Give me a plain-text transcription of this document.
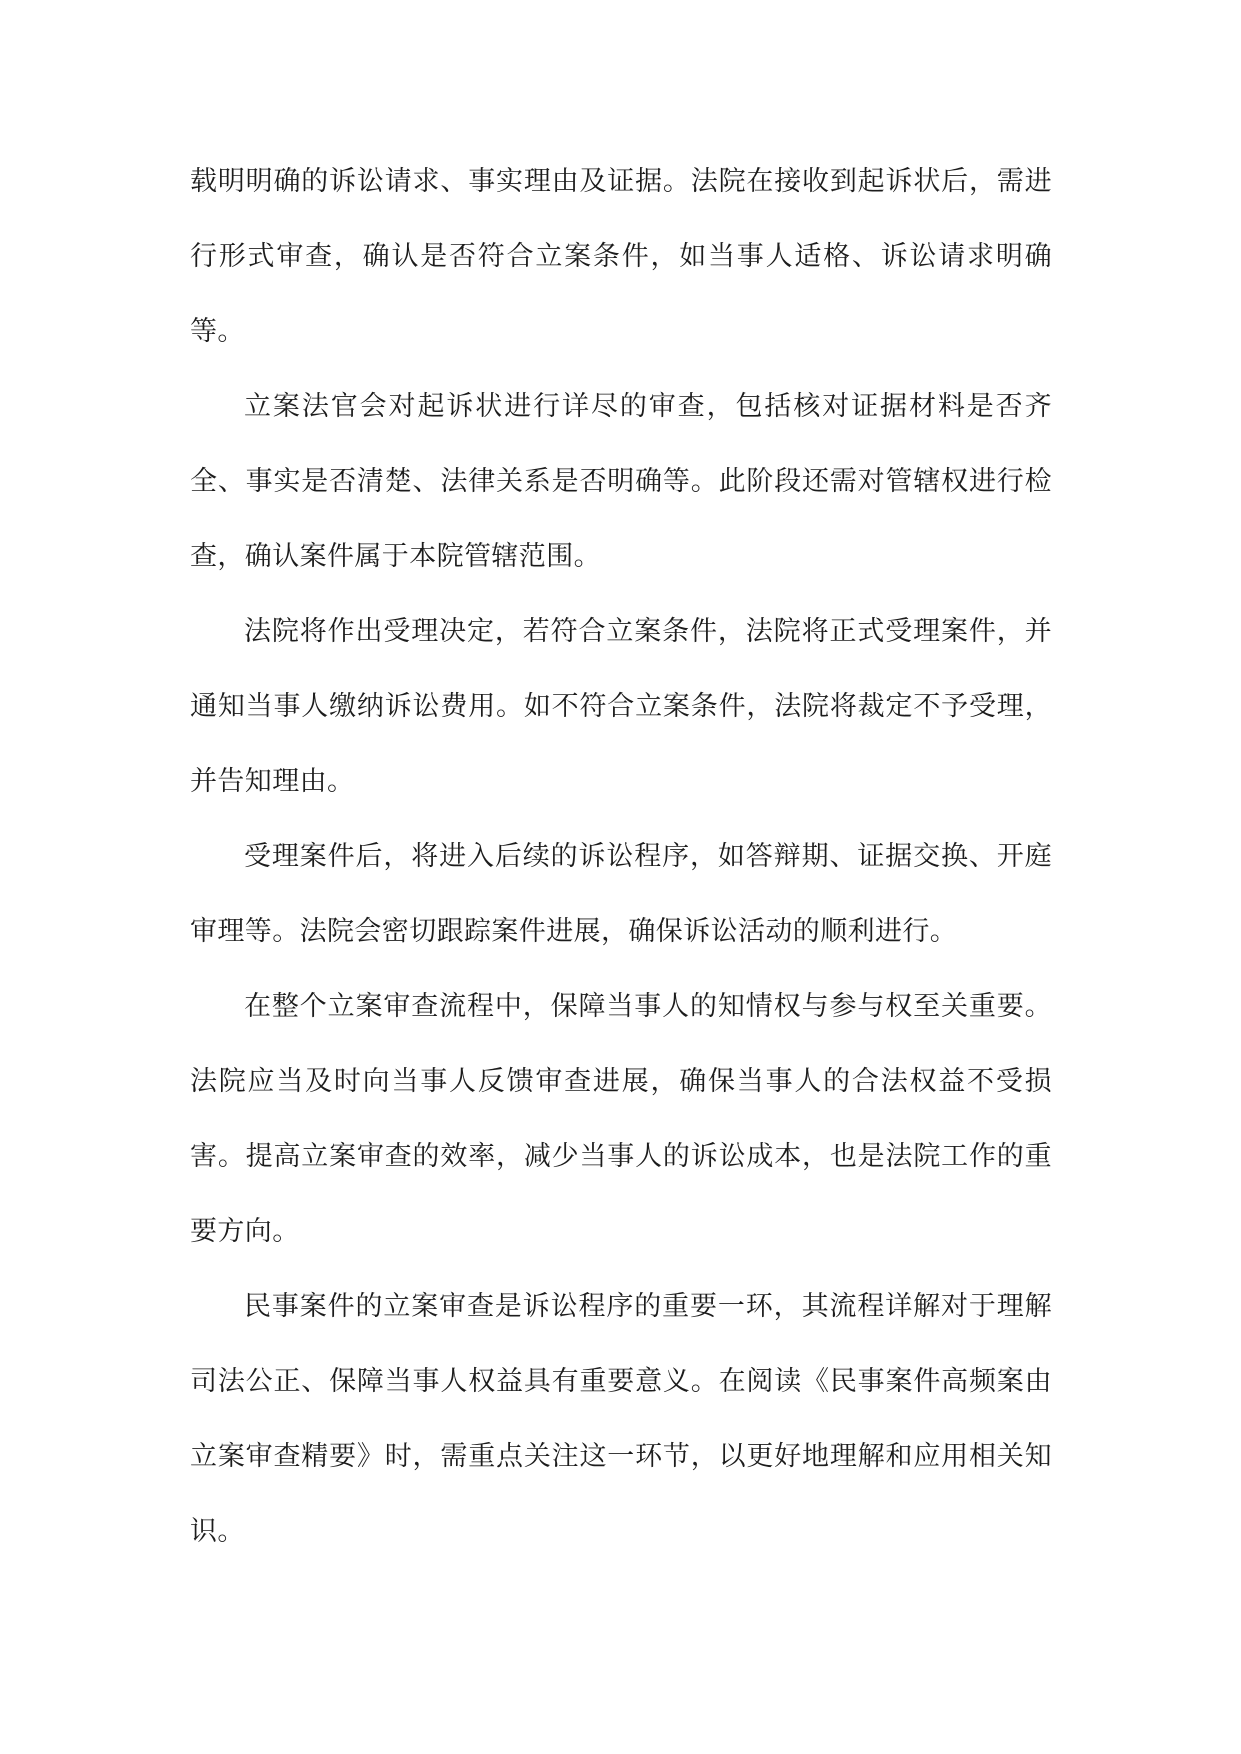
载明明确的诉讼请求、事实理由及证据。法院在接收到起诉状后，需进行形式审查，确认是否符合立案条件，如当事人适格、诉讼请求明确等。

立案法官会对起诉状进行详尽的审查，包括核对证据材料是否齐全、事实是否清楚、法律关系是否明确等。此阶段还需对管辖权进行检查，确认案件属于本院管辖范围。

法院将作出受理决定，若符合立案条件，法院将正式受理案件，并通知当事人缴纳诉讼费用。如不符合立案条件，法院将裁定不予受理，并告知理由。

受理案件后，将进入后续的诉讼程序，如答辩期、证据交换、开庭审理等。法院会密切跟踪案件进展，确保诉讼活动的顺利进行。

在整个立案审查流程中，保障当事人的知情权与参与权至关重要。法院应当及时向当事人反馈审查进展，确保当事人的合法权益不受损害。提高立案审查的效率，减少当事人的诉讼成本，也是法院工作的重要方向。

民事案件的立案审查是诉讼程序的重要一环，其流程详解对于理解司法公正、保障当事人权益具有重要意义。在阅读《民事案件高频案由立案审查精要》时，需重点关注这一环节，以更好地理解和应用相关知识。
